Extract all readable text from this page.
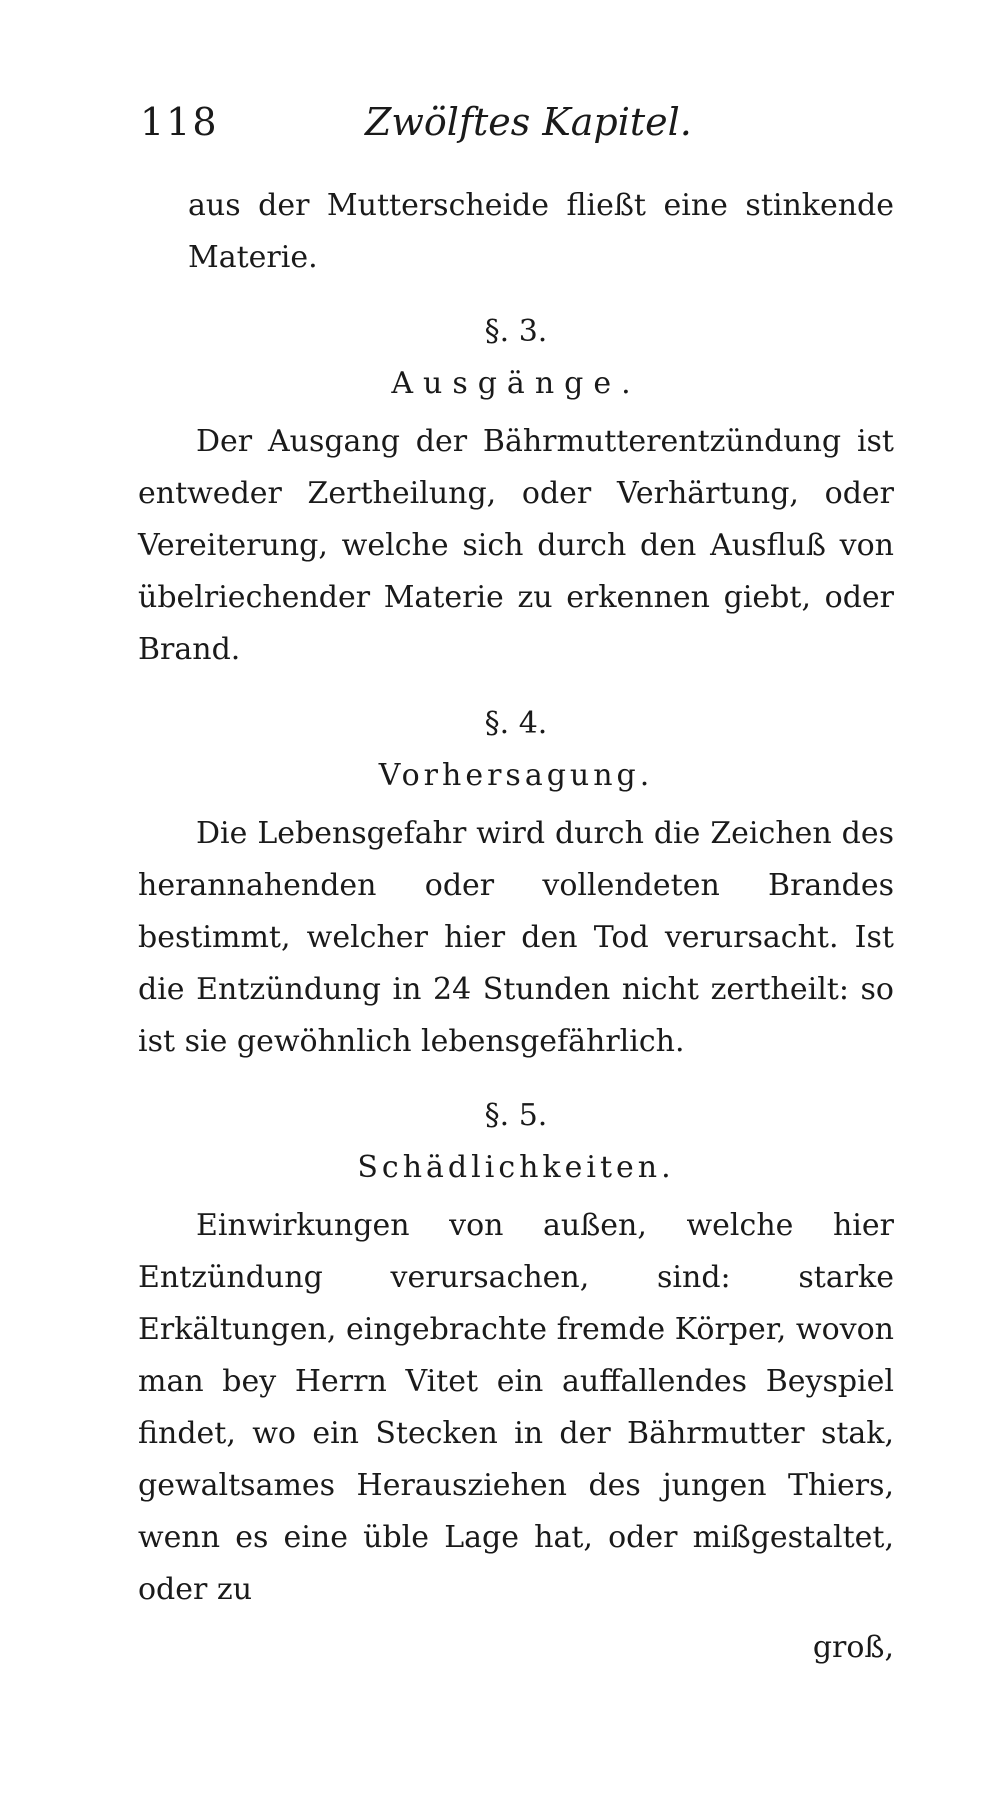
118	Zwölftes Kapitel.

aus der Mutterscheide fließt eine stinkende Materie.

§. 3.
Ausgänge.

Der Ausgang der Bährmutterentzündung ist entweder Zertheilung, oder Verhärtung, oder Vereiterung, welche sich durch den Ausfluß von übelriechender Materie zu erkennen giebt, oder Brand.

§. 4.
Vorhersagung.

Die Lebensgefahr wird durch die Zeichen des herannahenden oder vollendeten Brandes bestimmt, welcher hier den Tod verursacht. Ist die Entzündung in 24 Stunden nicht zertheilt: so ist sie gewöhnlich lebensgefährlich.

§. 5.
Schädlichkeiten.

Einwirkungen von außen, welche hier Entzündung verursachen, sind: starke Erkältungen, eingebrachte fremde Körper, wovon man bey Herrn Vitet ein auffallendes Beyspiel findet, wo ein Stecken in der Bährmutter stak, gewaltsames Herausziehen des jungen Thiers, wenn es eine üble Lage hat, oder mißgestaltet, oder zu

groß,
